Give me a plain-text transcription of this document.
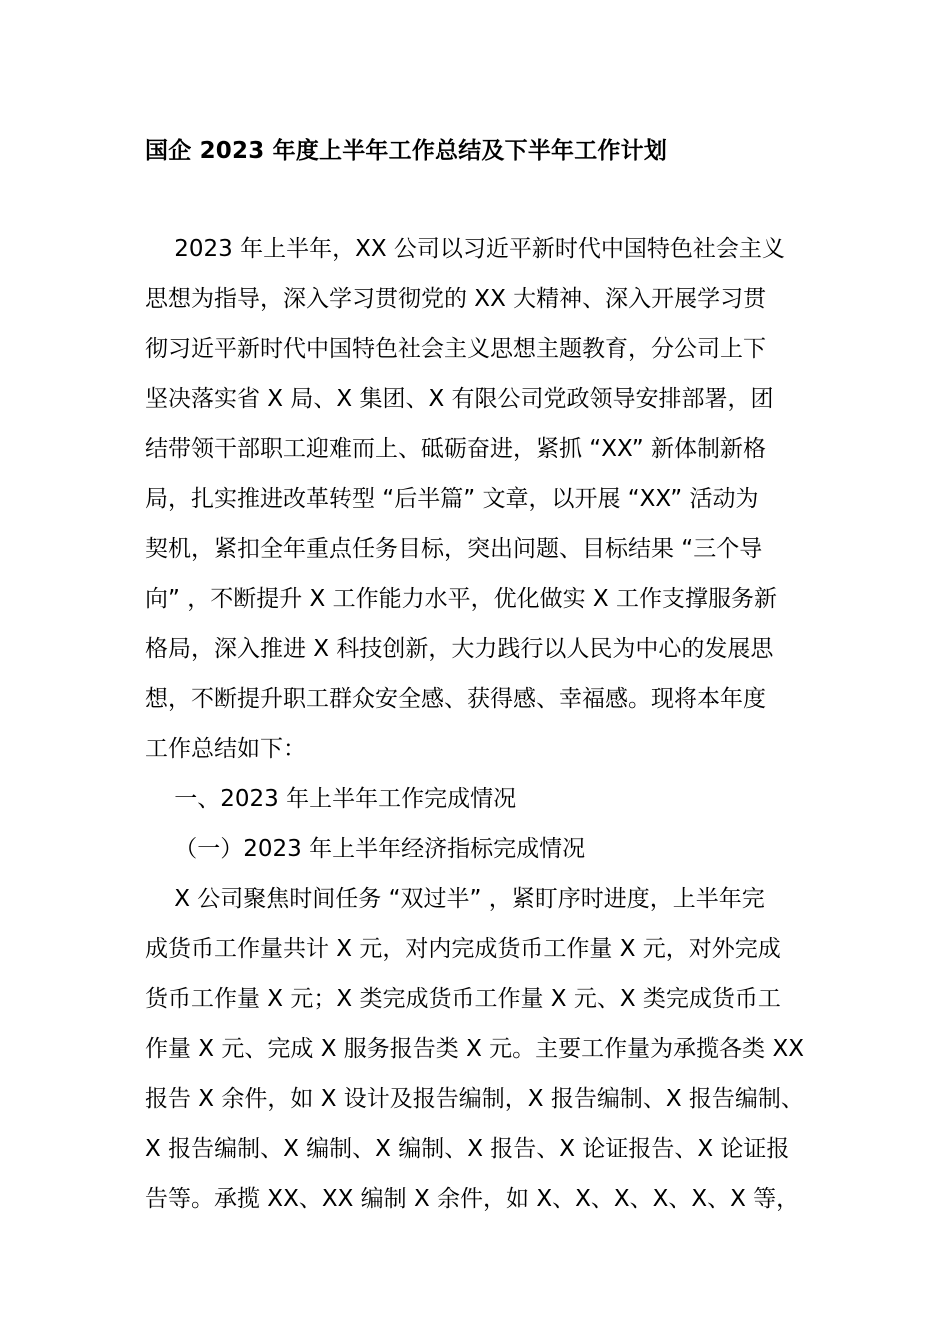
国企 2023 年度上半年工作总结及下半年工作计划
2023 年上半年，XX 公司以习近平新时代中国特色社会主义
思想为指导，深入学习贯彻党的 XX 大精神、深入开展学习贯
彻习近平新时代中国特色社会主义思想主题教育，分公司上下
坚决落实省 X 局、X 集团、X 有限公司党政领导安排部署，团
结带领干部职工迎难而上、砥砺奋进，紧抓 “XX” 新体制新格
局，扎实推进改革转型 “后半篇” 文章，以开展 “XX” 活动为
契机，紧扣全年重点任务目标，突出问题、目标结果 “三个导
向” ，不断提升 X 工作能力水平，优化做实 X 工作支撑服务新
格局，深入推进 X 科技创新，大力践行以人民为中心的发展思
想，不断提升职工群众安全感、获得感、幸福感。现将本年度
工作总结如下：
一、2023 年上半年工作完成情况
（一）2023 年上半年经济指标完成情况
X 公司聚焦时间任务 “双过半” ，紧盯序时进度，上半年完
成货币工作量共计 X 元，对内完成货币工作量 X 元，对外完成
货币工作量 X 元；X 类完成货币工作量 X 元、X 类完成货币工
作量 X 元、完成 X 服务报告类 X 元。主要工作量为承揽各类 XX
报告 X 余件，如 X 设计及报告编制，X 报告编制、X 报告编制、
X 报告编制、X 编制、X 编制、X 报告、X 论证报告、X 论证报
告等。承揽 XX、XX 编制 X 余件，如 X、X、X、X、X、X 等，
